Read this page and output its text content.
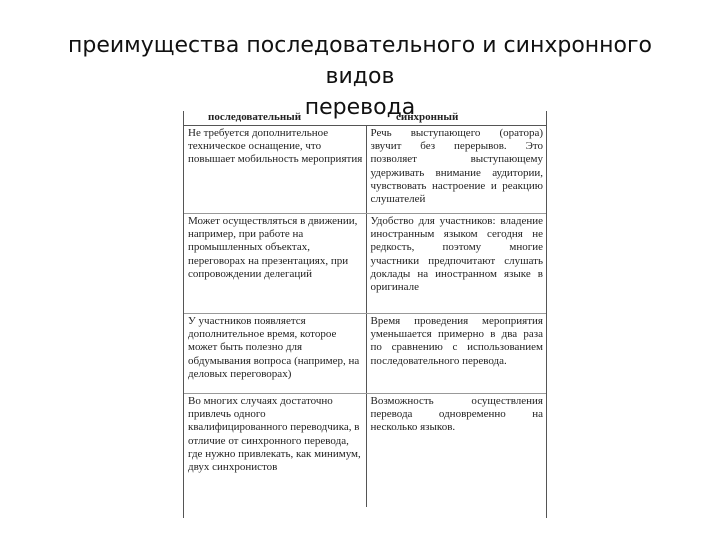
преимущества последовательного и синхронного видов
перевода
последовательный	синхронный
Не требуется дополнительное техническое оснащение, что повышает мобильность мероприятия	Речь выступающего (оратора) звучит без перерывов. Это позволяет выступающему удерживать внимание аудитории, чувствовать настроение и реакцию слушателей
Может осуществляться в движении, например, при работе на промышленных объектах, переговорах на презентациях, при сопровождении делегаций	Удобство для участников: владение иностранным языком сегодня не редкость, поэтому многие участники предпочитают слушать доклады на иностранном языке в оригинале
У участников появляется дополнительное время, которое может быть полезно для обдумывания вопроса (например, на деловых переговорах)	Время проведения мероприятия уменьшается примерно в два раза по сравнению с использованием последовательного перевода.
Во многих случаях достаточно привлечь одного квалифицированного переводчика, в отличие от синхронного перевода, где нужно привлекать, как минимум, двух синхронистов	Возможность осуществления перевода одновременно на несколько языков.
